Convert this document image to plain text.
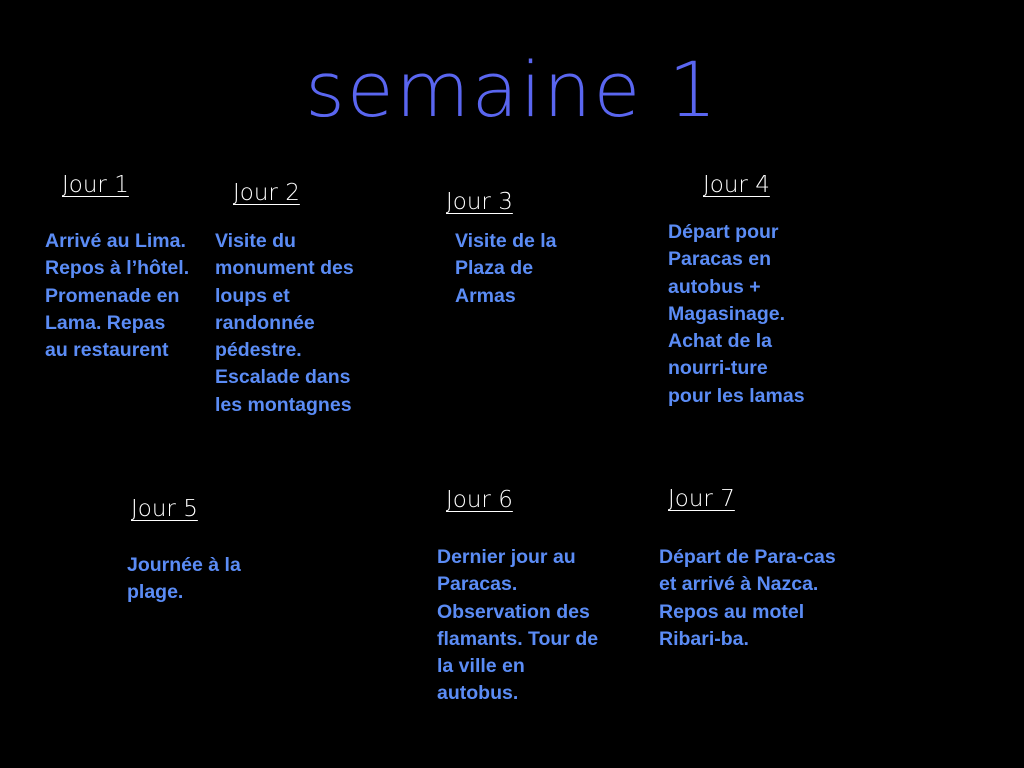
semaine 1
Jour 1
Arrivé au Lima. Repos à l’hôtel. Promenade en Lama. Repas au restaurent
Jour 2
Visite du monument des loups et randonnée pédestre. Escalade dans les montagnes
Jour 3
Visite de la Plaza de Armas
Jour 4
Départ pour Paracas en autobus + Magasinage. Achat de la nourri-ture pour les lamas
Jour 5
Journée à la plage.
Jour 6
Dernier jour au Paracas. Observation des flamants. Tour de la ville en autobus.
Jour 7
Départ de Para-cas et arrivé à Nazca. Repos au motel Ribari-ba.
